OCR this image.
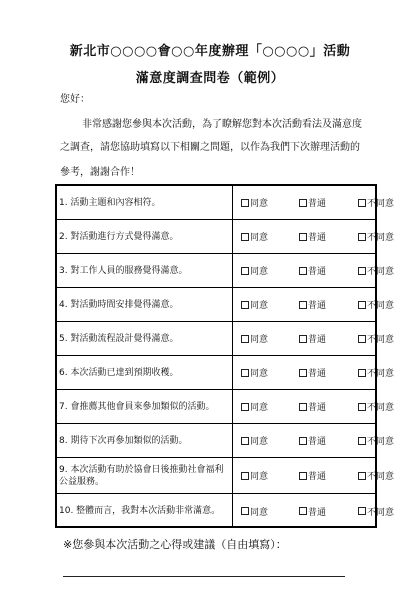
新北市○○○○會○○年度辦理「○○○○」活動
滿意度調查問卷（範例）
您好：
非常感謝您參與本次活動，為了瞭解您對本次活動看法及滿意度
之調查，請您協助填寫以下相關之問題，以作為我們下次辦理活動的
參考，謝謝合作！
1. 活動主題和內容相符。	同意	普通	不同意
2. 對活動進行方式覺得滿意。	同意	普通	不同意
3. 對工作人員的服務覺得滿意。	同意	普通	不同意
4. 對活動時間安排覺得滿意。	同意	普通	不同意
5. 對活動流程設計覺得滿意。	同意	普通	不同意
6. 本次活動已達到預期收穫。	同意	普通	不同意
7. 會推薦其他會員來參加類似的活動。	同意	普通	不同意
8. 期待下次再參加類似的活動。	同意	普通	不同意
9. 本次活動有助於協會日後推動社會福利公益服務。	同意	普通	不同意
10. 整體而言，我對本次活動非常滿意。	同意	普通	不同意
※您參與本次活動之心得或建議（自由填寫）：
